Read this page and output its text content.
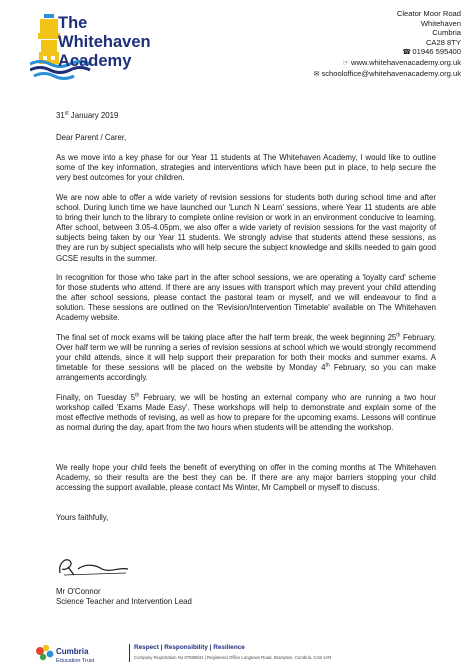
The
Whitehaven
Academy
Cleator Moor Road
Whitehaven
Cumbria
CA28 8TY
☎01946 595400
☞ www.whitehavenacademy.org.uk
✉ schooloffice@whitehavenacademy.org.uk
31st January 2019
Dear Parent / Carer,
As we move into a key phase for our Year 11 students at The Whitehaven Academy, I would like to outline some of the key information, strategies and interventions which have been put in place, to help secure the very best outcomes for your children.
We are now able to offer a wide variety of revision sessions for students both during school time and after school. During lunch time we have launched our 'Lunch N Learn' sessions, where Year 11 students are able to bring their lunch to the library to complete online revision or work in an environment conducive to learning. After school, between 3.05-4.05pm, we also offer a wide variety of revision sessions for the vast majority of subjects being taken by our Year 11 students. We strongly advise that students attend these sessions, as they are run by subject specialists who will help secure the subject knowledge and skills needed to gain good GCSE results in the summer.
In recognition for those who take part in the after school sessions, we are operating a 'loyalty card' scheme for those students who attend. If there are any issues with transport which may prevent your child attending the after school sessions, please contact the pastoral team or myself, and we will endeavour to find a solution. These sessions are outlined on the 'Revision/Intervention Timetable' available on The Whitehaven Academy website.
The final set of mock exams will be taking place after the half term break, the week beginning 25th February. Over half term we will be running a series of revision sessions at school which we would strongly recommend your child attends, since it will help support their preparation for both their mocks and summer exams. A timetable for these sessions will be placed on the website by Monday 4th February, so you can make arrangements accordingly.
Finally, on Tuesday 5th February, we will be hosting an external company who are running a two hour workshop called 'Exams Made Easy'. These workshops will help to demonstrate and explain some of the most effective methods of revising, as well as how to prepare for the upcoming exams. Lessons will continue as normal during the day, apart from the two hours when students will be attending the workshop.
We really hope your child feels the benefit of everything on offer in the coming months at The Whitehaven Academy, so their results are the best they can be. If there are any major barriers stopping your child accessing the support available, please contact Ms Winter, Mr Campbell or myself to discuss.
Yours faithfully,
Mr O'Connor
Science Teacher and Intervention Lead
Cumbria
Education Trust
Respect | Responsibility | Resilience
Company Registration No 07599631 | Registered Office Longtown Road, Brampton, Cumbria, CA8 1AR
